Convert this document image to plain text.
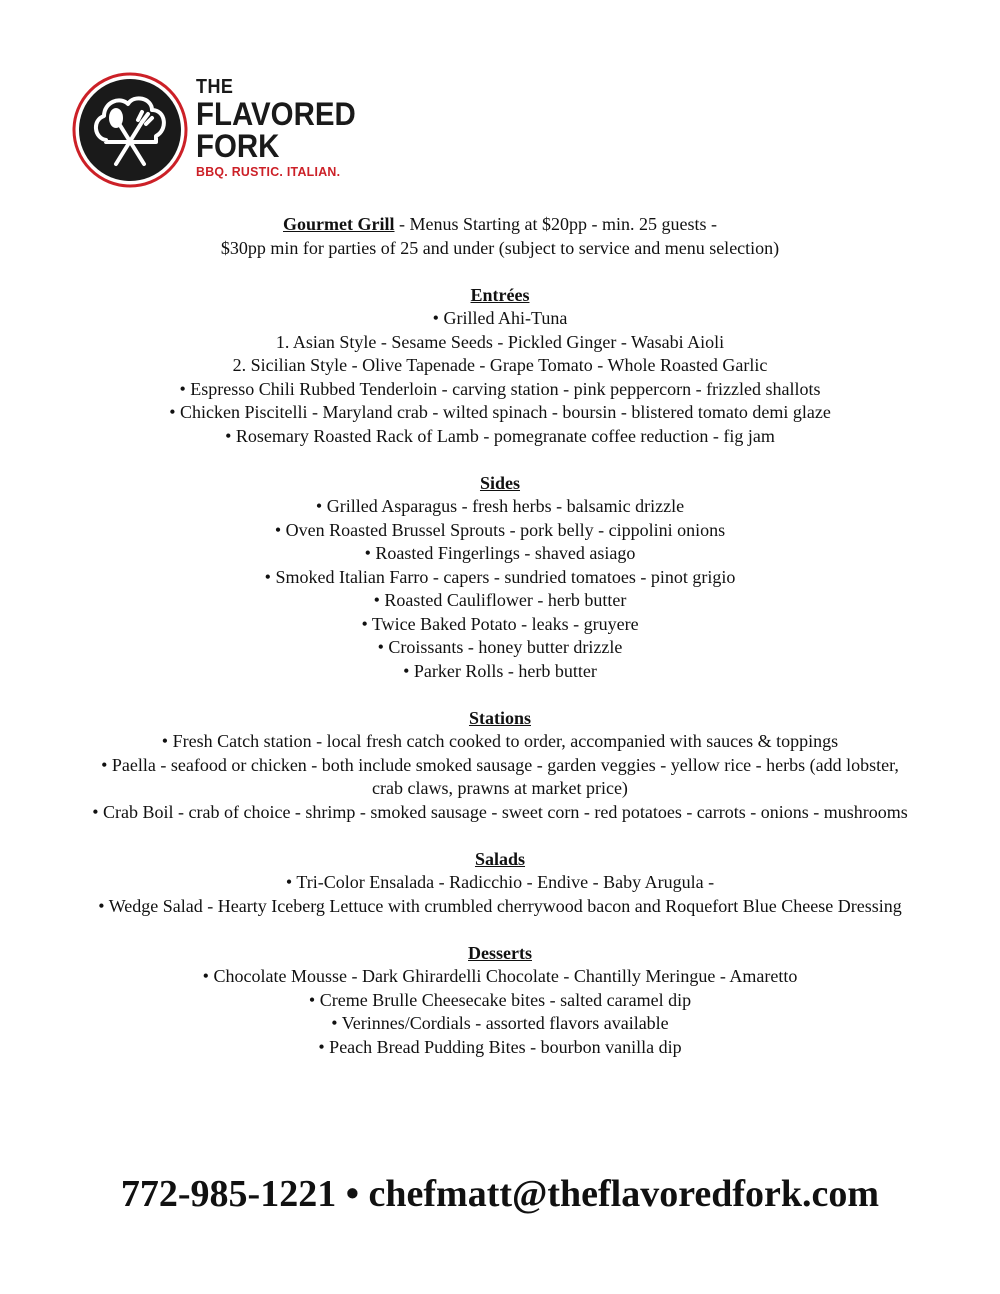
THE
FLAVORED
FORK
BBQ. RUSTIC. ITALIAN.

Gourmet Grill - Menus Starting at $20pp - min. 25 guests -

$30pp min for parties of 25 and under (subject to service and menu selection)

Entrées

• Grilled Ahi-Tuna

1. Asian Style - Sesame Seeds - Pickled Ginger - Wasabi Aioli

2. Sicilian Style - Olive Tapenade - Grape Tomato - Whole Roasted Garlic

• Espresso Chili Rubbed Tenderloin - carving station - pink peppercorn - frizzled shallots

• Chicken Piscitelli - Maryland crab - wilted spinach - boursin - blistered tomato demi glaze

• Rosemary Roasted Rack of Lamb - pomegranate coffee reduction - fig jam

Sides

• Grilled Asparagus - fresh herbs - balsamic drizzle

• Oven Roasted Brussel Sprouts - pork belly - cippolini onions

• Roasted Fingerlings - shaved asiago

• Smoked Italian Farro - capers - sundried tomatoes - pinot grigio

• Roasted Cauliflower - herb butter

• Twice Baked Potato - leaks - gruyere

• Croissants - honey butter drizzle

• Parker Rolls - herb butter

Stations

• Fresh Catch station - local fresh catch cooked to order, accompanied with sauces & toppings

• Paella - seafood or chicken - both include smoked sausage - garden veggies - yellow rice - herbs (add lobster,

crab claws, prawns at market price)

• Crab Boil - crab of choice - shrimp - smoked sausage - sweet corn - red potatoes - carrots - onions - mushrooms

Salads

• Tri-Color Ensalada - Radicchio - Endive - Baby Arugula -

• Wedge Salad - Hearty Iceberg Lettuce with crumbled cherrywood bacon and Roquefort Blue Cheese Dressing

Desserts

• Chocolate Mousse - Dark Ghirardelli Chocolate - Chantilly Meringue - Amaretto

• Creme Brulle Cheesecake bites - salted caramel dip

• Verinnes/Cordials - assorted flavors available

• Peach Bread Pudding Bites - bourbon vanilla dip

772-985-1221 • chefmatt@theflavoredfork.com
